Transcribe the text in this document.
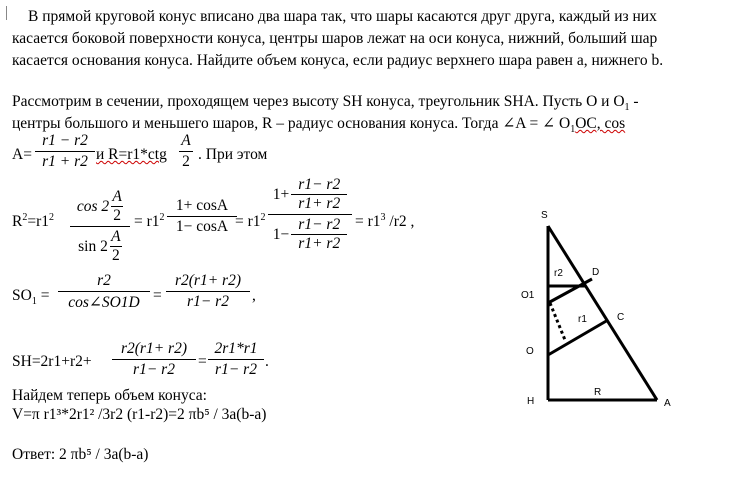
В прямой круговой конус вписано два шара так, что шары касаются друг друга, каждый из них
касается боковой поверхности конуса, центры шаров лежат на оси конуса, нижний, больший шар
касается основания конуса. Найдите объем конуса, если радиус верхнего шара равен a, нижнего b.
Рассмотрим в сечении, проходящем через высоту SH конуса, треугольник SHA. Пусть О и $О_1$ -
центры большого и меньшего шаров, R – радиус основания конуса. Тогда ∠A = ∠ $O_1OC$, cos
A=
r1 − r2
r1 + r2 и R=r1*ctg
A
2 . При этом
$R^2=r1^2$
cos 2
A
2
sin 2
A
2
= $r1^2$
1+ cosA
$1- \cos A = r1^2$
1+
r1− r2
r1+ r2
1−
r1− r2
r1+ r2
= $r1^3$ /r2 ,
$SO_1$ =
r2
cos∠SO1D =
r2(r1+ r2)
r1− r2 ,
SH=2r1+r2+
r2(r1+ r2)
r1− r2 =
2r1*r1
r1− r2 .
Найдем теперь объем конуса:
V=π r1³*2r1² /3r2 (r1-r2)=2 πb⁵ / 3a(b-a)
Ответ: 2 πb⁵ / 3a(b-a)
S
D
r2
O1
r1	C
O
R
H	A
